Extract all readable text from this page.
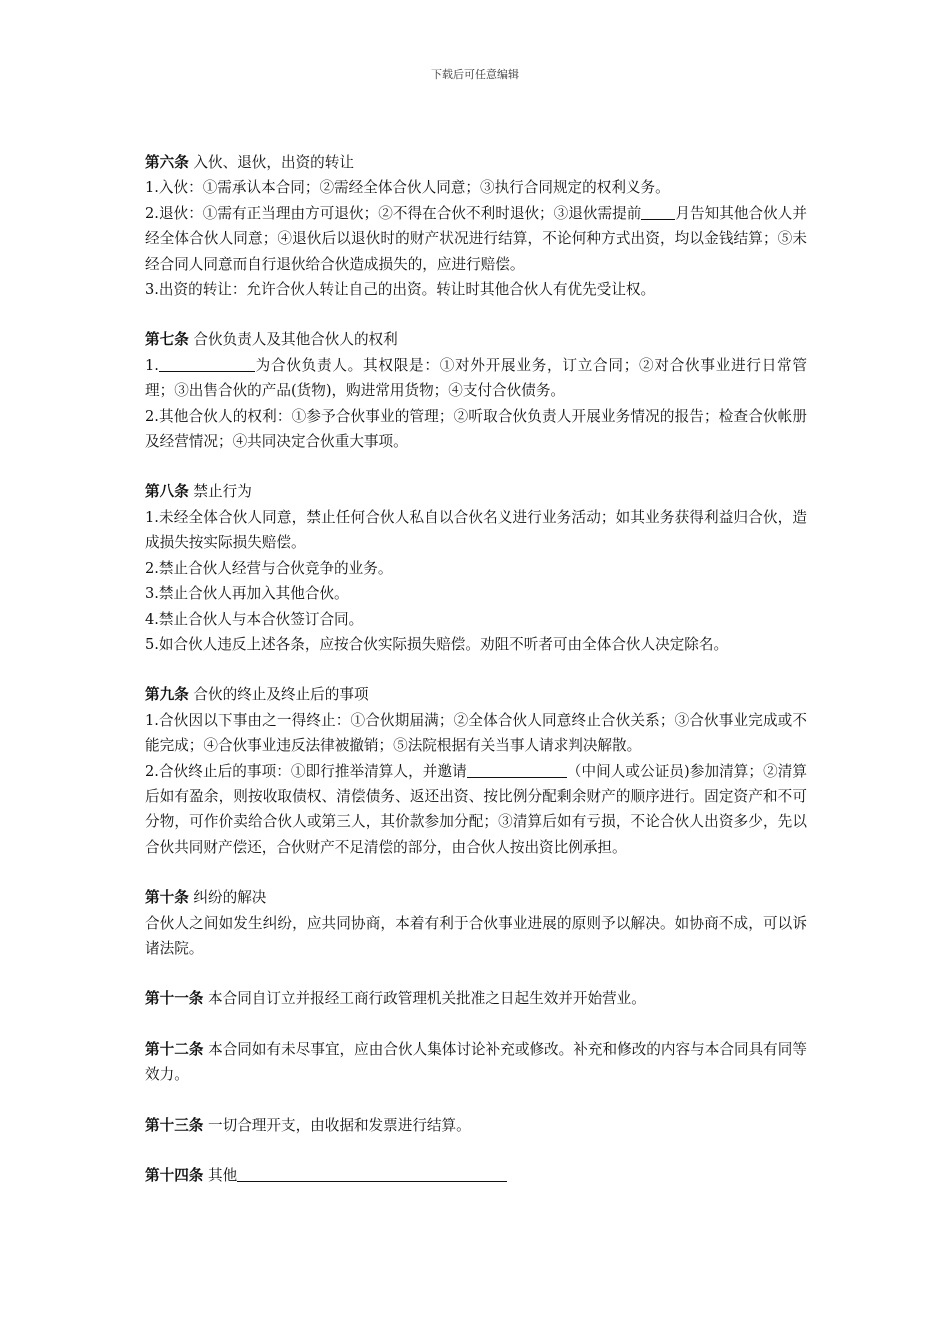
下载后可任意编辑

第六条 入伙、退伙，出资的转让

1.入伙：①需承认本合同；②需经全体合伙人同意；③执行合同规定的权利义务。

2.退伙：①需有正当理由方可退伙；②不得在合伙不利时退伙；③退伙需提前 月告知其他合伙人并经全体合伙人同意；④退伙后以退伙时的财产状况进行结算，不论何种方式出资，均以金钱结算；⑤未经合同人同意而自行退伙给合伙造成损失的，应进行赔偿。

3.出资的转让：允许合伙人转让自己的出资。转让时其他合伙人有优先受让权。

第七条 合伙负责人及其他合伙人的权利

1.	为合伙负责人。其权限是：①对外开展业务，订立合同；②对合伙事业进行日常管理；③出售合伙的产品(货物)，购进常用货物；④支付合伙债务。

2.其他合伙人的权利：①参予合伙事业的管理；②听取合伙负责人开展业务情况的报告；检查合伙帐册及经营情况；④共同决定合伙重大事项。

第八条 禁止行为

1.未经全体合伙人同意，禁止任何合伙人私自以合伙名义进行业务活动；如其业务获得利益归合伙，造成损失按实际损失赔偿。

2.禁止合伙人经营与合伙竞争的业务。

3.禁止合伙人再加入其他合伙。

4.禁止合伙人与本合伙签订合同。

5.如合伙人违反上述各条，应按合伙实际损失赔偿。劝阻不听者可由全体合伙人决定除名。

第九条 合伙的终止及终止后的事项

1.合伙因以下事由之一得终止：①合伙期届满；②全体合伙人同意终止合伙关系；③合伙事业完成或不能完成；④合伙事业违反法律被撤销；⑤法院根据有关当事人请求判决解散。

2.合伙终止后的事项：①即行推举清算人，并邀请	（中间人或公证员)参加清算；②清算后如有盈余，则按收取债权、清偿债务、返还出资、按比例分配剩余财产的顺序进行。固定资产和不可分物，可作价卖给合伙人或第三人，其价款参加分配；③清算后如有亏损，不论合伙人出资多少，先以合伙共同财产偿还，合伙财产不足清偿的部分，由合伙人按出资比例承担。

第十条 纠纷的解决

合伙人之间如发生纠纷，应共同协商，本着有利于合伙事业进展的原则予以解决。如协商不成，可以诉诸法院。

第十一条 本合同自订立并报经工商行政管理机关批准之日起生效并开始营业。

第十二条 本合同如有未尽事宜，应由合伙人集体讨论补充或修改。补充和修改的内容与本合同具有同等效力。

第十三条 一切合理开支，由收据和发票进行结算。

第十四条 其他
